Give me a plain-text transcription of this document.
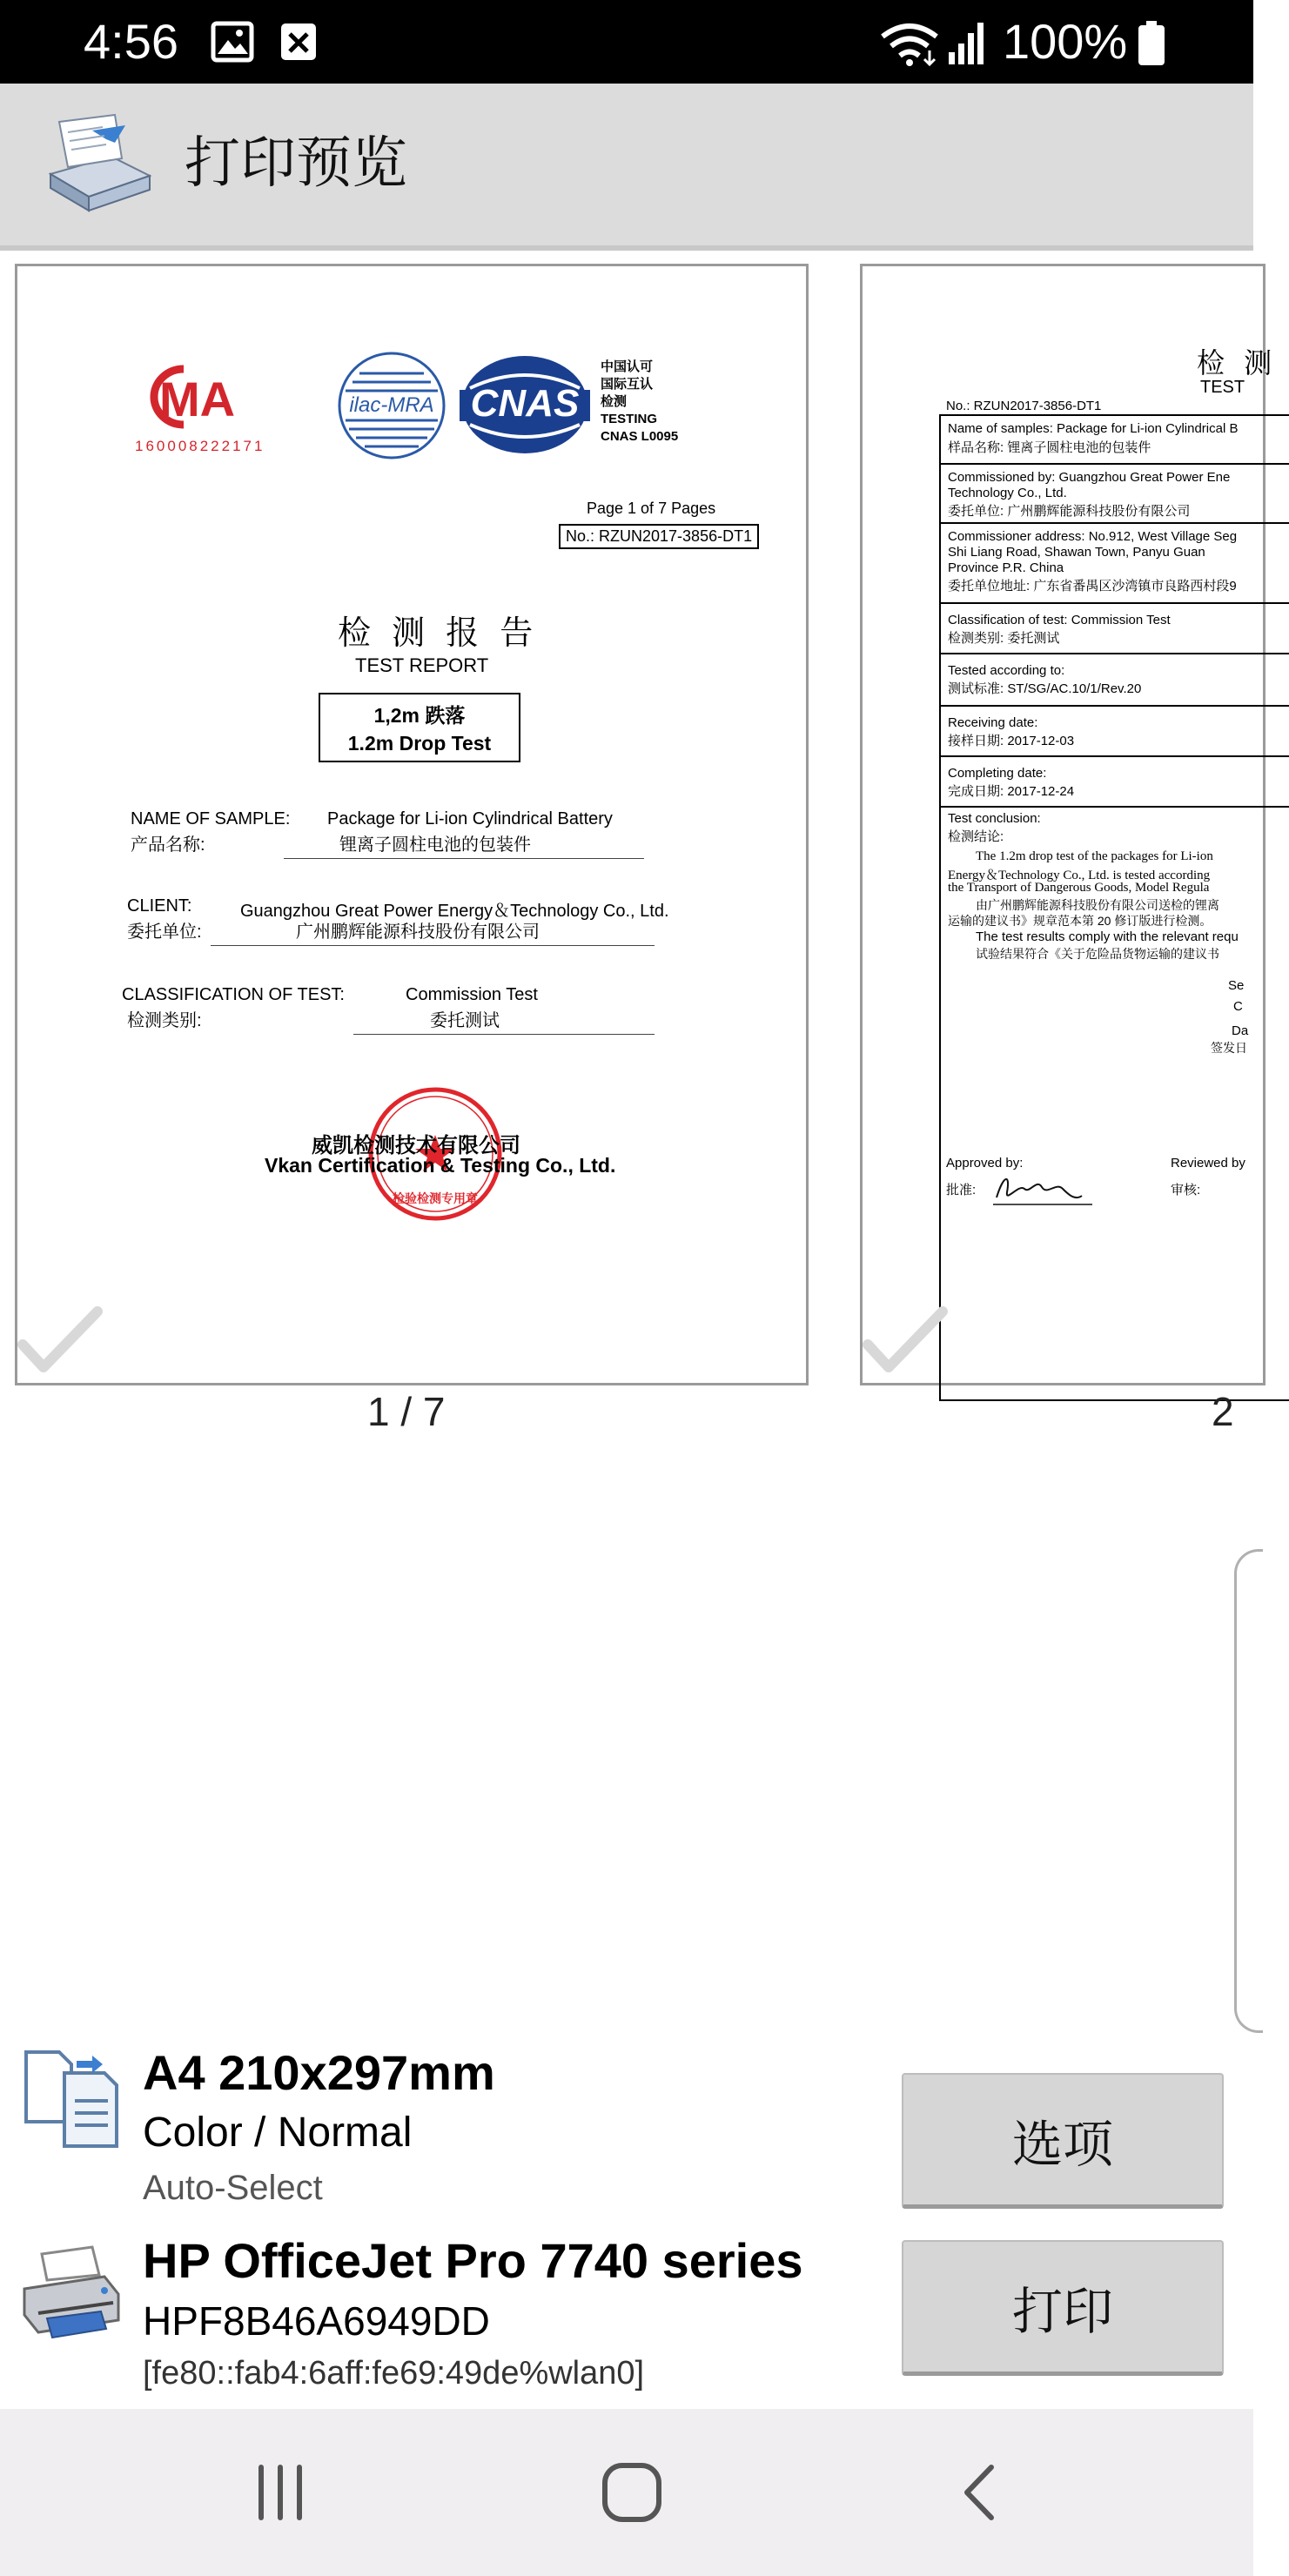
4:56	100%
打印预览
MA
160008222171
ilac-MRA CNAS
中国认可
国际互认
检测
TESTING
CNAS L0095
Page 1 of 7 Pages
No.: RZUN2017-3856-DT1
检 测 报 告
TEST REPORT
1,2m 跌落
1.2m Drop Test
NAME OF SAMPLE:
产品名称:
Package for Li-ion Cylindrical Battery
锂离子圆柱电池的包装件
CLIENT:
委托单位:
Guangzhou Great Power Energy＆Technology Co., Ltd.
广州鹏辉能源科技股份有限公司
CLASSIFICATION OF TEST:
检测类别:
Commission Test
委托测试
检验检测专用章
威凯检测技术有限公司
Vkan Certification & Testing Co., Ltd.
检 测
TEST
No.: RZUN2017-3856-DT1
Name of samples: Package for Li-ion Cylindrical B
样品名称: 锂离子圆柱电池的包装件
Commissioned by: Guangzhou Great Power Ene
Technology Co., Ltd.
委托单位: 广州鹏辉能源科技股份有限公司
Commissioner address: No.912, West Village Seg
Shi Liang Road, Shawan Town, Panyu Guan
Province P.R. China
委托单位地址: 广东省番禺区沙湾镇市良路西村段9
Classification of test: Commission Test
检测类别: 委托测试
Tested according to:
测试标准: ST/SG/AC.10/1/Rev.20
Receiving date:
接样日期: 2017-12-03
Completing date:
完成日期: 2017-12-24
Test conclusion:
检测结论:
The 1.2m drop test of the packages for Li-ion
Energy＆Technology Co., Ltd. is tested according
the Transport of Dangerous Goods, Model Regula
由广州鹏辉能源科技股份有限公司送检的锂离
运输的建议书》规章范本第 20 修订版进行检测。
The test results comply with the relevant requ
试验结果符合《关于危险品货物运输的建议书
Se
C
Da
签发日
Approved by:
批准:
Reviewed by
审核:
1 / 7	2
A4 210x297mm
Color / Normal
Auto-Select
HP OfficeJet Pro 7740 series
HPF8B46A6949DD
[fe80::fab4:6aff:fe69:49de%wlan0]
选项
打印
